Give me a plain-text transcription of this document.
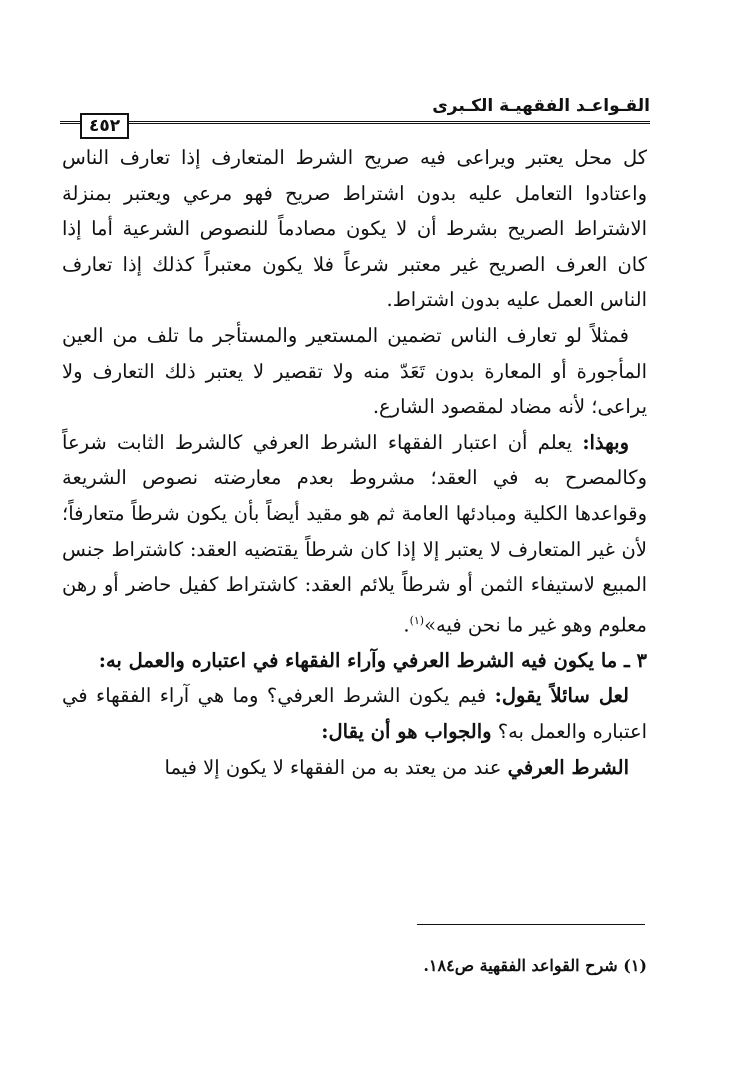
القـواعـد الفقهيـة الكـبرى
٤٥٢

كل محل يعتبر ويراعى فيه صريح الشرط المتعارف إذا تعارف الناس واعتادوا التعامل عليه بدون اشتراط صريح فهو مرعي ويعتبر بمنزلة الاشتراط الصريح بشرط أن لا يكون مصادماً للنصوص الشرعية أما إذا كان العرف الصريح غير معتبر شرعاً فلا يكون معتبراً كذلك إذا تعارف الناس العمل عليه بدون اشتراط.

فمثلاً لو تعارف الناس تضمين المستعير والمستأجر ما تلف من العين المأجورة أو المعارة بدون تَعَدّ منه ولا تقصير لا يعتبر ذلك التعارف ولا يراعى؛ لأنه مضاد لمقصود الشارع.

وبهذا: يعلم أن اعتبار الفقهاء الشرط العرفي كالشرط الثابت شرعاً وكالمصرح به في العقد؛ مشروط بعدم معارضته نصوص الشريعة وقواعدها الكلية ومبادئها العامة ثم هو مقيد أيضاً بأن يكون شرطاً متعارفاً؛ لأن غير المتعارف لا يعتبر إلا إذا كان شرطاً يقتضيه العقد: كاشتراط جنس المبيع لاستيفاء الثمن أو شرطاً يلائم العقد: كاشتراط كفيل حاضر أو رهن معلوم وهو غير ما نحن فيه»$^{(١)}$.

٣ ـ ما يكون فيه الشرط العرفي وآراء الفقهاء في اعتباره والعمل به:

لعل سائلاً يقول: فيم يكون الشرط العرفي؟ وما هي آراء الفقهاء في اعتباره والعمل به؟ والجواب هو أن يقال:

الشرط العرفي عند من يعتد به من الفقهاء لا يكون إلا فيما

(١) شرح القواعد الفقهية ص١٨٤.
